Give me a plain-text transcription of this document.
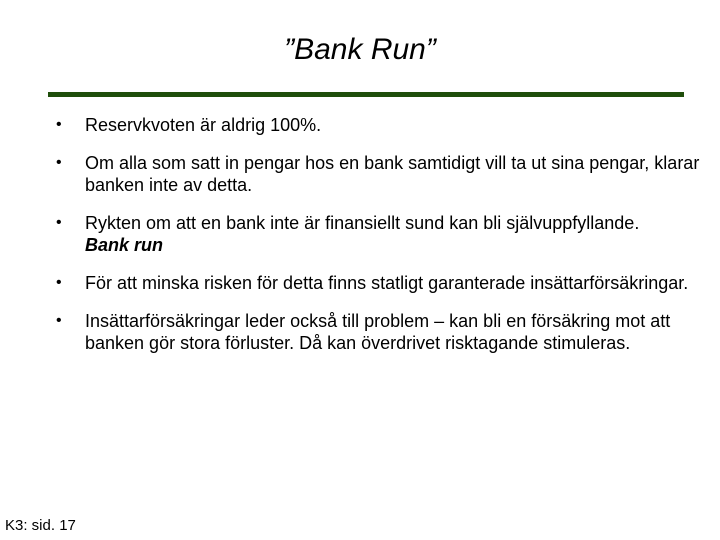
”Bank Run”
• Reservkvoten är aldrig 100%.
• Om alla som satt in pengar hos en bank samtidigt vill ta ut sina pengar, klarar banken inte av detta.
• Rykten om att en bank inte är finansiellt sund kan bli självuppfyllande.
Bank run
• För att minska risken för detta finns statligt garanterade insättarförsäkringar.
• Insättarförsäkringar leder också till problem – kan bli en försäkring mot att banken gör stora förluster. Då kan överdrivet risktagande stimuleras.
K3: sid. 17
